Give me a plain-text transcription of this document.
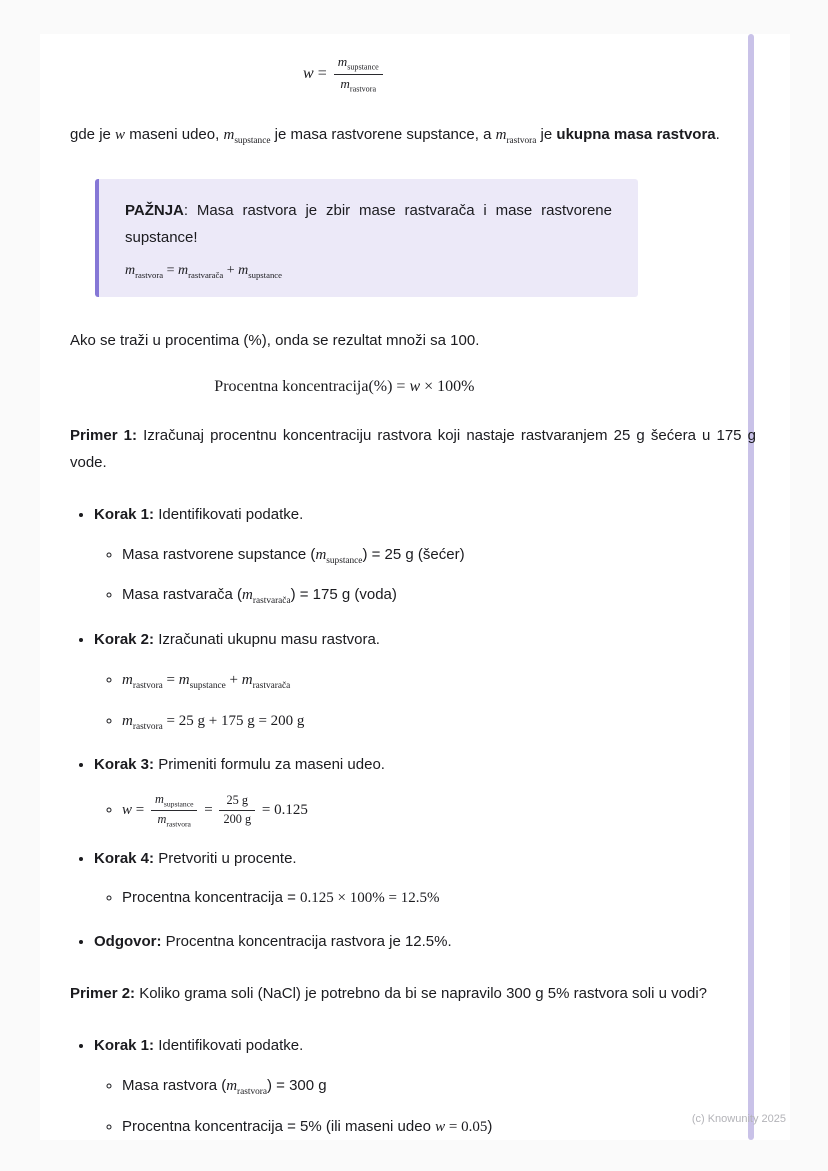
$w = \frac{m_{supstance}}{m_{rastvora}}$

gde je w maseni udeo, $m_{supstance}$ je masa rastvorene supstance, a $m_{rastvora}$ je ukupna masa rastvora.

PAŽNJA: Masa rastvora je zbir mase rastvarača i mase rastvorene supstance!

$m_{rastvora} = m_{rastvarača} + m_{supstance}$

Ako se traži u procentima (%), onda se rezultat množi sa 100.

Procentna koncentracija(%) = w × 100%

Primer 1: Izračunaj procentnu koncentraciju rastvora koji nastaje rastvaranjem 25 g šećera u 175 g vode.

• Korak 1: Identifikovati podatke.
◦ Masa rastvorene supstance $(m_{supstance}) = 25$ g (šećer)
◦ Masa rastvarača $(m_{rastvarača}) = 175$ g (voda)
• Korak 2: Izračunati ukupnu masu rastvora.
◦ $m_{rastvora} = m_{supstance} + m_{rastvarača}$
◦ $m_{rastvora} = 25$ g + 175 g = 200 g
• Korak 3: Primeniti formulu za maseni udeo.
◦ $w = \frac{m_{supstance}}{m_{rastvora}} = \frac{25 g}{200 g} = 0.125$
• Korak 4: Pretvoriti u procente.
◦ Procentna koncentracija = 0.125 × 100% = 12.5%
• Odgovor: Procentna koncentracija rastvora je 12.5%.

Primer 2: Koliko grama soli (NaCl) je potrebno da bi se napravilo 300 g 5% rastvora soli u vodi?

• Korak 1: Identifikovati podatke.
◦ Masa rastvora $(m_{rastvora}) = 300$ g
◦ Procentna koncentracija = 5% (ili maseni udeo w = 0.05)	(c) Knowunity 2025
